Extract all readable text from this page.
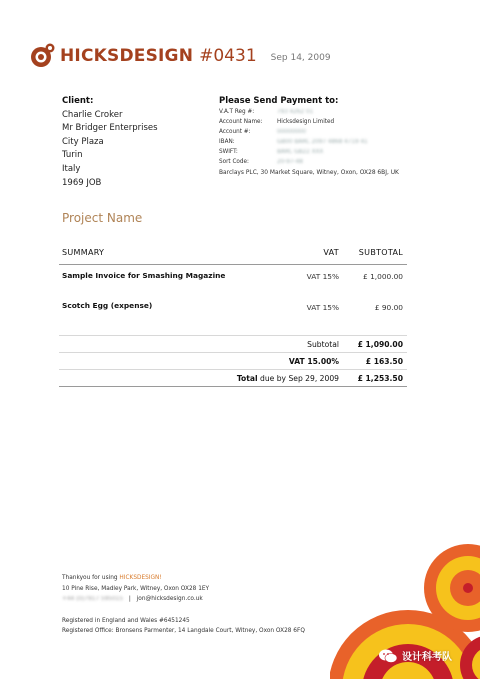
HICKSDESIGN #0431 Sep 14, 2009
Client:
Charlie Croker
Mr Bridger Enterprises
City Plaza
Turin
Italy
1969 JOB
Please Send Payment to:
V.A.T Reg #:	793 4262 01
Account Name:	Hicksdesign Limited
Account #:	00000000
IBAN:	GB00 BARC 2097 4868 4719 41
SWIFT:	BARC GB22 XXX
Sort Code:	20-97-48
Barclays PLC, 30 Market Square, Witney, Oxon, OX28 6BJ, UK
Project Name
SUMMARY	VAT	SUBTOTAL
Sample Invoice for Smashing Magazine	VAT 15%	£ 1,000.00
Scotch Egg (expense)	VAT 15%	£ 90.00
Subtotal	£ 1,090.00
VAT 15.00%	£ 163.50
Total due by Sep 29, 2009	£ 1,253.50
Thankyou for using HICKSDESIGN!
10 Pine Rise, Madley Park, Witney, Oxon OX28 1EY
+44 (0)7917 595015 | jon@hicksdesign.co.uk
Registered in England and Wales #6451245
Registered Office: Bronsens Parmenter, 14 Langdale Court, Witney, Oxon OX28 6FQ
设计科考队
